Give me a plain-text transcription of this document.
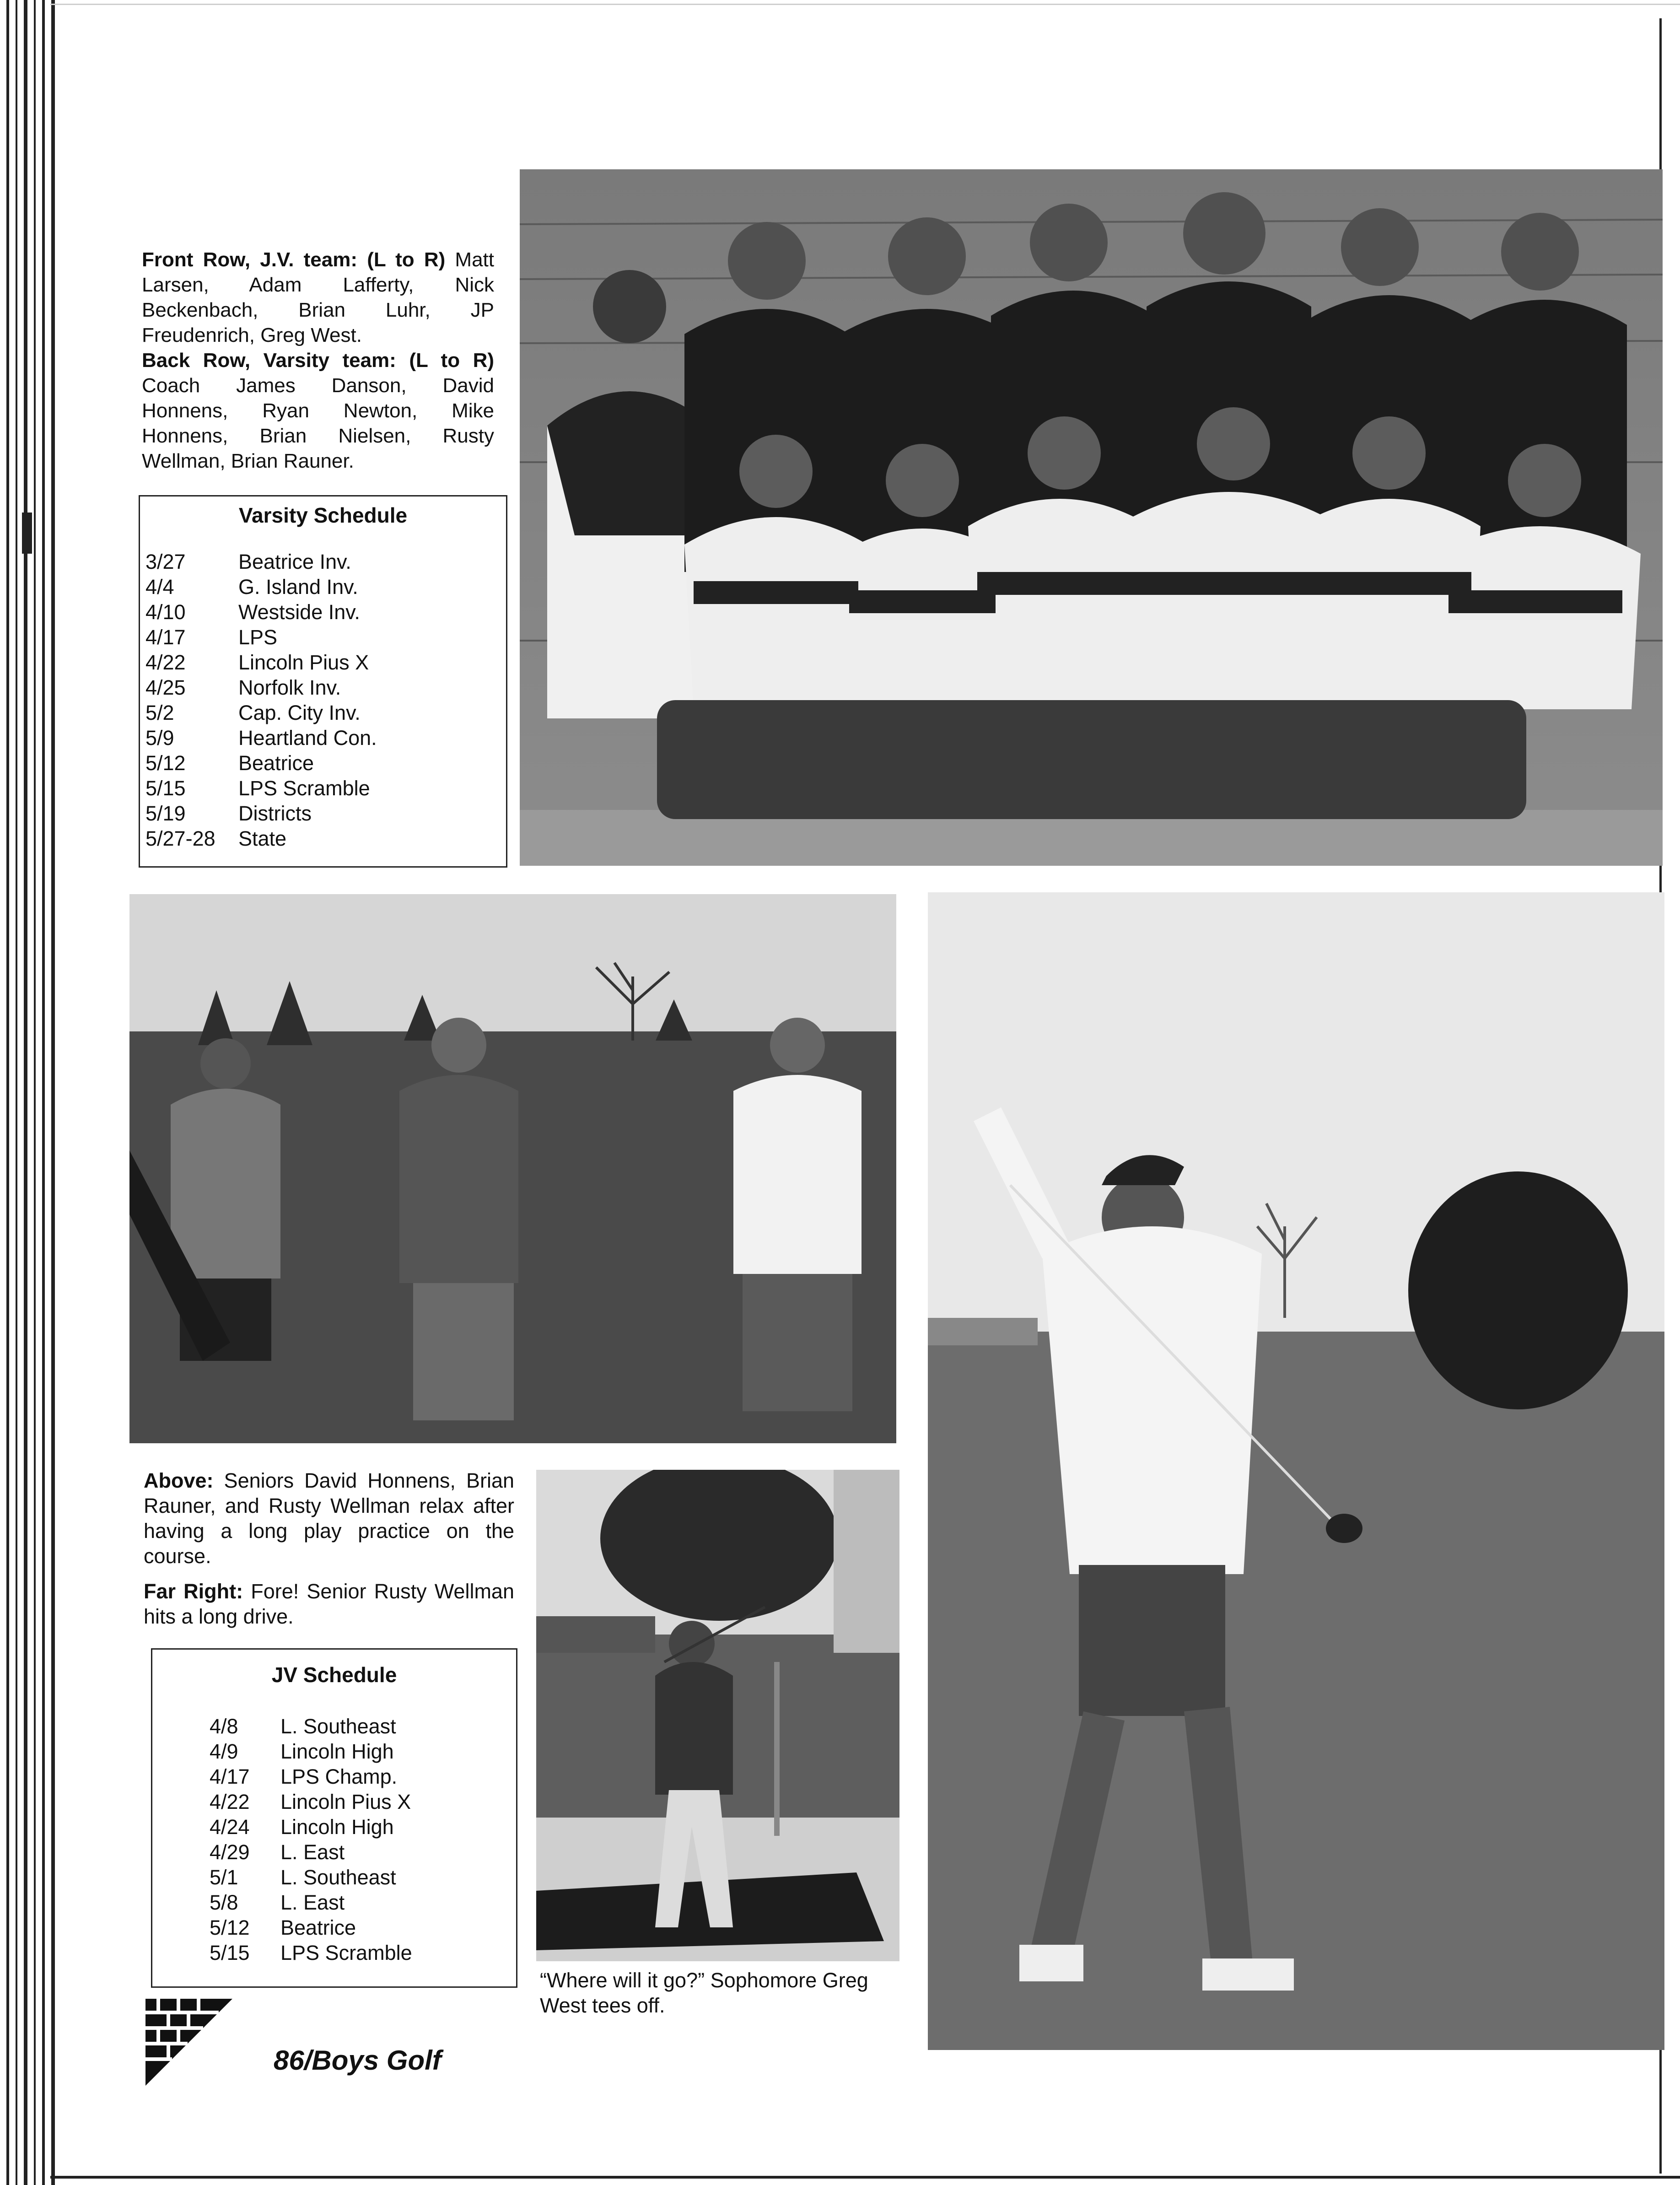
Front Row, J.V. team: (L to R) Matt Larsen, Adam Lafferty, Nick Beckenbach, Brian Luhr, JP Freudenrich, Greg West.

Back Row, Varsity team: (L to R) Coach James Danson, David Honnens, Ryan Newton, Mike Honnens, Brian Nielsen, Rusty Wellman, Brian Rauner.

Varsity Schedule
3/27	Beatrice Inv.
4/4	G. Island Inv.
4/10	Westside Inv.
4/17	LPS
4/22	Lincoln Pius X
4/25	Norfolk Inv.
5/2	Cap. City Inv.
5/9	Heartland Con.
5/12	Beatrice
5/15	LPS Scramble
5/19	Districts
5/27-28 State

Above: Seniors David Honnens, Brian Rauner, and Rusty Wellman relax after having a long play practice on the course.

Far Right: Fore! Senior Rusty Wellman hits a long drive.

JV Schedule
4/8 L. Southeast
4/9 Lincoln High
4/17 LPS Champ.
4/22 Lincoln Pius X
4/24 Lincoln High
4/29 L. East
5/1 L. Southeast
5/8 L. East
5/12 Beatrice
5/15 LPS Scramble
“Where will it go?” Sophomore Greg West tees off.
86/Boys Golf
